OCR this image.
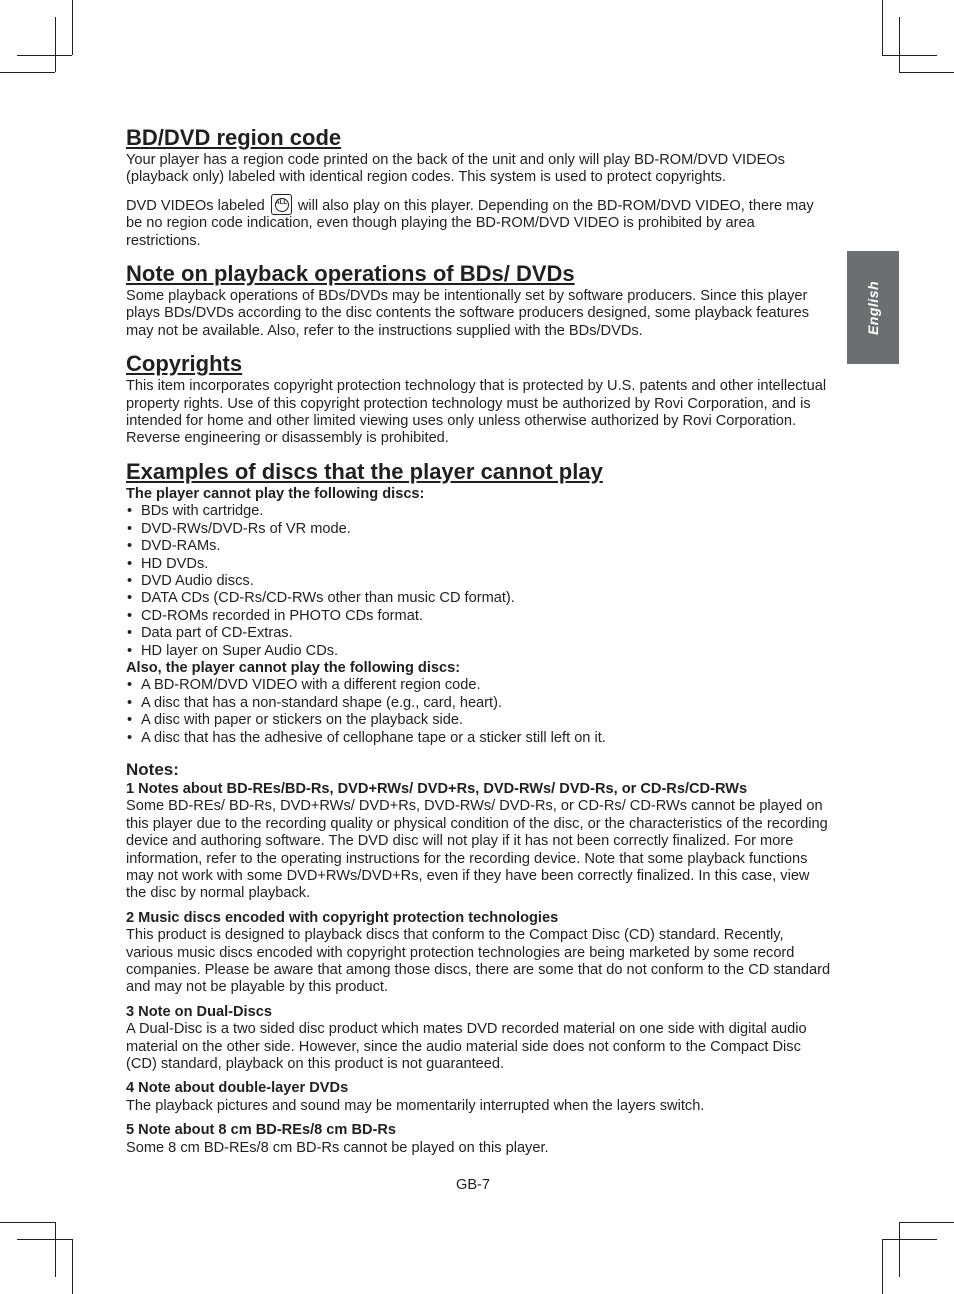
English
BD/DVD region code

Your player has a region code printed on the back of the unit and only will play BD-ROM/DVD VIDEOs (playback only) labeled with identical region codes. This system is used to protect copyrights.

DVD VIDEOs labeled	ALL will also play on this player. Depending on the BD-ROM/DVD VIDEO, there may be no region code indication, even though playing the BD-ROM/DVD VIDEO is prohibited by area restrictions.

Note on playback operations of BDs/ DVDs

Some playback operations of BDs/DVDs may be intentionally set by software producers. Since this player plays BDs/DVDs according to the disc contents the software producers designed, some playback features may not be available. Also, refer to the instructions supplied with the BDs/DVDs.

Copyrights

This item incorporates copyright protection technology that is protected by U.S. patents and other intellectual property rights. Use of this copyright protection technology must be authorized by Rovi Corporation, and is intended for home and other limited viewing uses only unless otherwise authorized by Rovi Corporation. Reverse engineering or disassembly is prohibited.

Examples of discs that the player cannot play

The player cannot play the following discs:

• BDs with cartridge.
• DVD-RWs/DVD-Rs of VR mode.
• DVD-RAMs.
• HD DVDs.
• DVD Audio discs.
• DATA CDs (CD-Rs/CD-RWs other than music CD format).
• CD-ROMs recorded in PHOTO CDs format.
• Data part of CD-Extras.
• HD layer on Super Audio CDs.

Also, the player cannot play the following discs:

• A BD-ROM/DVD VIDEO with a different region code.
• A disc that has a non-standard shape (e.g., card, heart).
• A disc with paper or stickers on the playback side.
• A disc that has the adhesive of cellophane tape or a sticker still left on it.
Notes:

1 Notes about BD-REs/BD-Rs, DVD+RWs/ DVD+Rs, DVD-RWs/ DVD-Rs, or CD-Rs/CD-RWs

Some BD-REs/ BD-Rs, DVD+RWs/ DVD+Rs, DVD-RWs/ DVD-Rs, or CD-Rs/ CD-RWs cannot be played on this player due to the recording quality or physical condition of the disc, or the characteristics of the recording device and authoring software. The DVD disc will not play if it has not been correctly finalized. For more information, refer to the operating instructions for the recording device. Note that some playback functions may not work with some DVD+RWs/DVD+Rs, even if they have been correctly finalized. In this case, view the disc by normal playback.

2 Music discs encoded with copyright protection technologies

This product is designed to playback discs that conform to the Compact Disc (CD) standard. Recently, various music discs encoded with copyright protection technologies are being marketed by some record companies. Please be aware that among those discs, there are some that do not conform to the CD standard and may not be playable by this product.

3 Note on Dual-Discs

A Dual-Disc is a two sided disc product which mates DVD recorded material on one side with digital audio material on the other side. However, since the audio material side does not conform to the Compact Disc (CD) standard, playback on this product is not guaranteed.

4 Note about double-layer DVDs

The playback pictures and sound may be momentarily interrupted when the layers switch.

5 Note about 8 cm BD-REs/8 cm BD-Rs

Some 8 cm BD-REs/8 cm BD-Rs cannot be played on this player.

GB-7
